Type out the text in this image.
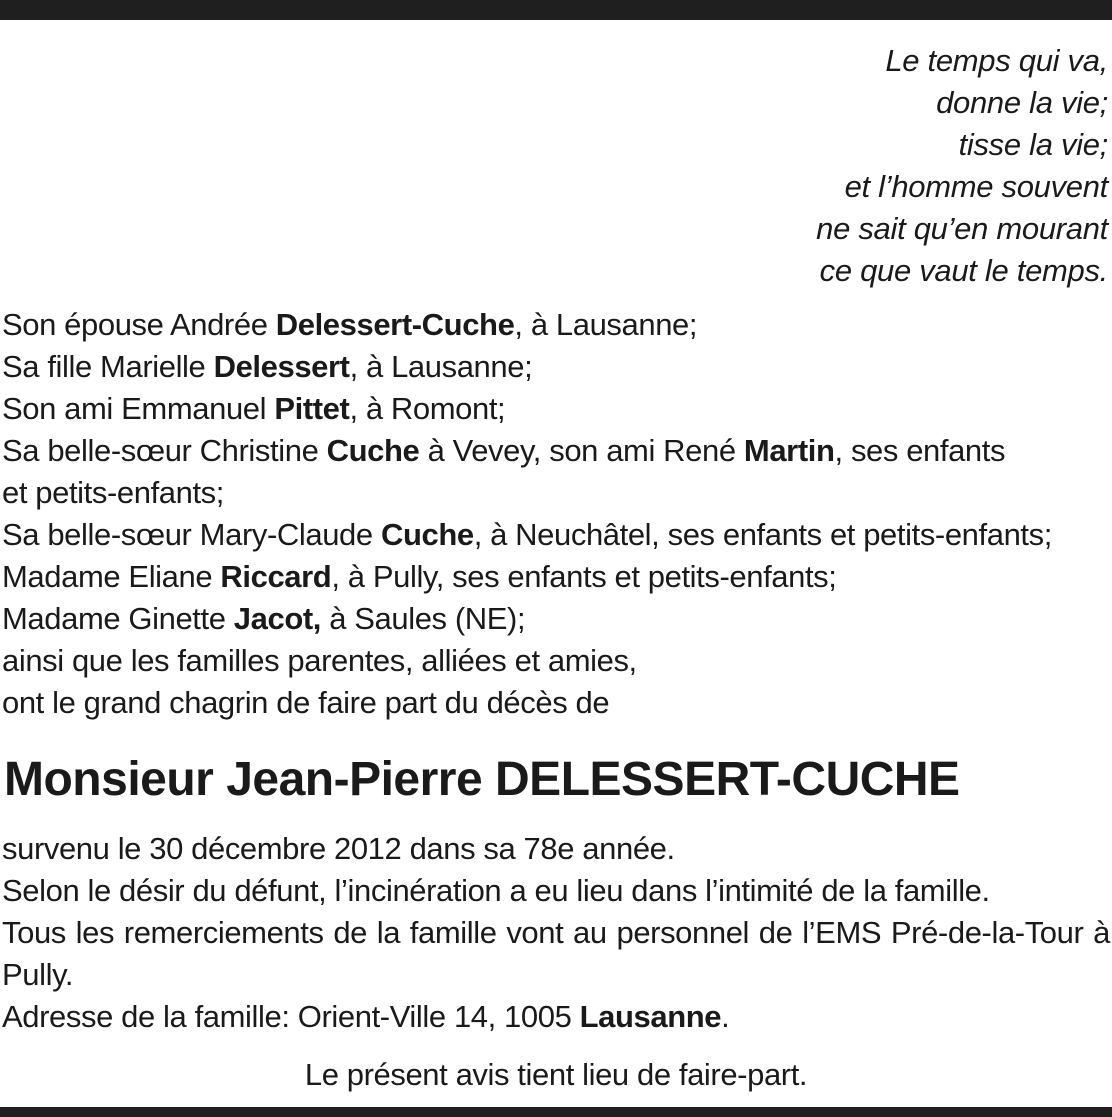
Le temps qui va,
donne la vie;
tisse la vie;
et l’homme souvent
ne sait qu’en mourant
ce que vaut le temps.
Son épouse Andrée Delessert-Cuche, à Lausanne;
Sa fille Marielle Delessert, à Lausanne;
Son ami Emmanuel Pittet, à Romont;
Sa belle-sœur Christine Cuche à Vevey, son ami René Martin, ses enfants
et petits-enfants;
Sa belle-sœur Mary-Claude Cuche, à Neuchâtel, ses enfants et petits-enfants;
Madame Eliane Riccard, à Pully, ses enfants et petits-enfants;
Madame Ginette Jacot, à Saules (NE);
ainsi que les familles parentes, alliées et amies,
ont le grand chagrin de faire part du décès de
Monsieur Jean-Pierre DELESSERT-CUCHE
survenu le 30 décembre 2012 dans sa 78e année.
Selon le désir du défunt, l’incinération a eu lieu dans l’intimité de la famille.
Tous les remerciements de la famille vont au personnel de l’EMS Pré-de-la-Tour à Pully.
Adresse de la famille: Orient-Ville 14, 1005 Lausanne.
Le présent avis tient lieu de faire-part.
